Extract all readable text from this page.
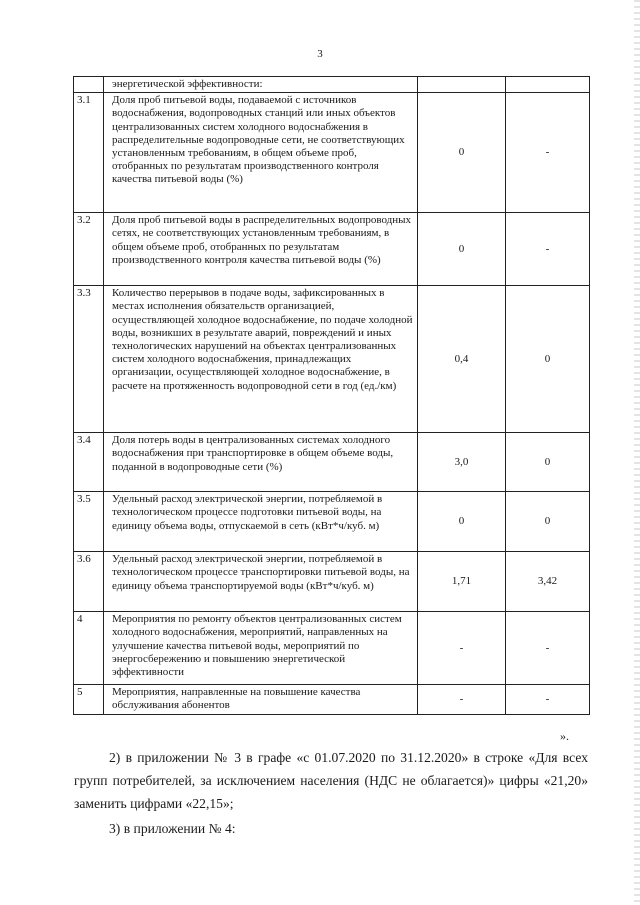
3
	энергетической эффективности:		
3.1	Доля проб питьевой воды, подаваемой с источников водоснабжения, водопроводных станций или иных объектов централизованных систем холодного водоснабжения в распределительные водопроводные сети, не соответствующих установленным требованиям, в общем объеме проб, отобранных по результатам производственного контроля качества питьевой воды (%)	0	-
3.2	Доля проб питьевой воды в распределительных водопроводных сетях, не соответствующих установленным требованиям, в общем объеме проб, отобранных по результатам производственного контроля качества питьевой воды (%)	0	-
3.3	Количество перерывов в подаче воды, зафиксированных в местах исполнения обязательств организацией, осуществляющей холодное водоснабжение, по подаче холодной воды, возникших в результате аварий, повреждений и иных технологических нарушений на объектах централизованных систем холодного водоснабжения, принадлежащих организации, осуществляющей холодное водоснабжение, в расчете на протяженность водопроводной сети в год (ед./км)	0,4	0
3.4	Доля потерь воды в централизованных системах холодного водоснабжения при транспортировке в общем объеме воды, поданной в водопроводные сети (%)	3,0	0
3.5	Удельный расход электрической энергии, потребляемой в технологическом процессе подготовки питьевой воды, на единицу объема воды, отпускаемой в сеть (кВт*ч/куб. м)	0	0
3.6	Удельный расход электрической энергии, потребляемой в технологическом процессе транспортировки питьевой воды, на единицу объема транспортируемой воды (кВт*ч/куб. м)	1,71	3,42
4	Мероприятия по ремонту объектов централизованных систем холодного водоснабжения, мероприятий, направленных на улучшение качества питьевой воды, мероприятий по энергосбережению и повышению энергетической эффективности	-	-
5	Мероприятия, направленные на повышение качества обслуживания абонентов	-	-
».
2) в приложении № 3 в графе «с 01.07.2020 по 31.12.2020» в строке «Для всех групп потребителей, за исключением населения (НДС не облагается)» цифры «21,20» заменить цифрами «22,15»;
3) в приложении № 4:
